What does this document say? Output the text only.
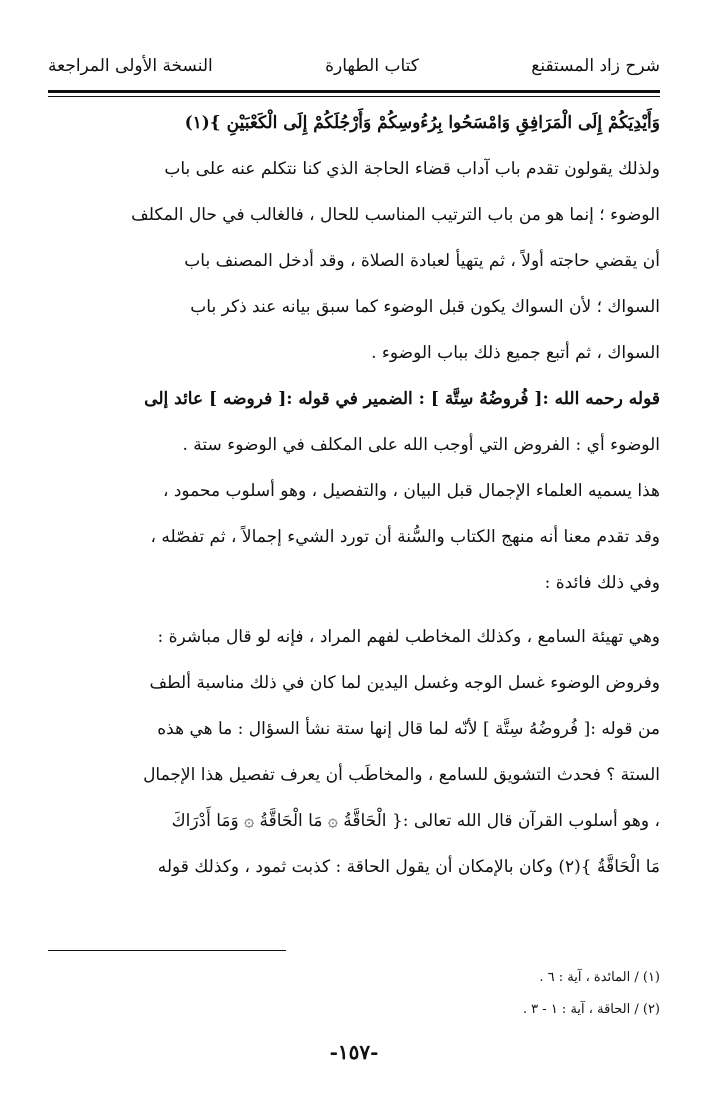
شرح زاد المستقنع
كتاب الطهارة
النسخة الأولى المراجعة
وَأَيْدِيَكُمْ إِلَى الْمَرَافِقِ وَامْسَحُوا بِرُءُوسِكُمْ وَأَرْجُلَكُمْ إِلَى الْكَعْبَيْنِ }(١)
ولذلك يقولون تقدم باب آداب قضاء الحاجة الذي كنا نتكلم عنه على باب
الوضوء ؛ إنما هو من باب الترتيب المناسب للحال ، فالغالب في حال المكلف
أن يقضي حاجته أولاً ، ثم يتهيأ لعبادة الصلاة ، وقد أدخل المصنف باب
السواك ؛ لأن السواك يكون قبل الوضوء كما سبق بيانه عند ذكر باب
السواك ، ثم أتبع جميع ذلك بباب الوضوء .
قوله رحمه الله :[ فُروضُهُ سِتَّة ] : الضمير في قوله :[ فروضه ] عائد إلى
الوضوء أي : الفروض التي أوجب الله على المكلف في الوضوء ستة .
هذا يسميه العلماء الإجمال قبل البيان ، والتفصيل ، وهو أسلوب محمود ،
وقد تقدم معنا أنه منهج الكتاب والسُّنة أن تورد الشيء إجمالاً ، ثم تفصّله ،
وفي ذلك فائدة :
وهي تهيئة السامع ، وكذلك المخاطب لفهم المراد ، فإنه لو قال مباشرة :
وفروض الوضوء غسل الوجه وغسل اليدين لما كان في ذلك مناسبة ألطف
من قوله :[ فُروضُهُ سِتَّة ] لأنّه لما قال إنها ستة نشأ السؤال : ما هي هذه
الستة ؟ فحدث التشويق للسامع ، والمخاطَب أن يعرف تفصيل هذا الإجمال
، وهو أسلوب القرآن قال الله تعالى :{ الْحَاقَّةُ ۞ مَا الْحَاقَّةُ ۞ وَمَا أَدْرَاكَ
مَا الْحَاقَّةُ }(٢) وكان بالإمكان أن يقول الحاقة : كذبت ثمود ، وكذلك قوله
(١) / المائدة ، آية : ٦ .
(٢) / الحاقة ، آية : ١ - ٣ .
-١٥٧-
